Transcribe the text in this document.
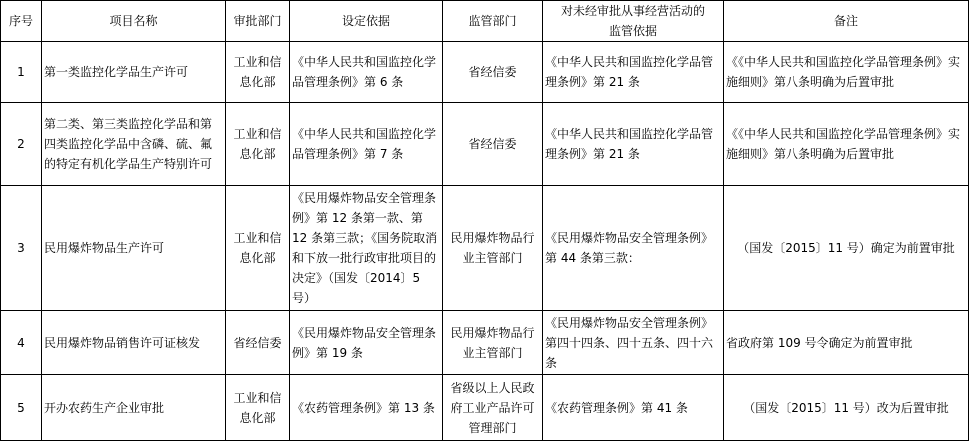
序号	项目名称	审批部门	设定依据	监管部门	对未经审批从事经营活动的监管依据	备注
1	第一类监控化学品生产许可	工业和信息化部	《中华人民共和国监控化学品管理条例》第 6 条	省经信委	《中华人民共和国监控化学品管理条例》第 21 条	《《中华人民共和国监控化学品管理条例》实施细则》第八条明确为后置审批
2	第二类、第三类监控化学品和第四类监控化学品中含磷、硫、氟的特定有机化学品生产特别许可	工业和信息化部	《中华人民共和国监控化学品管理条例》第 7 条	省经信委	《中华人民共和国监控化学品管理条例》第 21 条	《《中华人民共和国监控化学品管理条例》实施细则》第八条明确为后置审批
3	民用爆炸物品生产许可	工业和信息化部	《民用爆炸物品安全管理条例》第 12 条第一款、第 12 条第三款；《国务院取消和下放一批行政审批项目的决定》（国发〔2014〕5 号）	民用爆炸物品行业主管部门	《民用爆炸物品安全管理条例》第 44 条第三款：	（国发〔2015〕11 号）确定为前置审批
4	民用爆炸物品销售许可证核发	省经信委	《民用爆炸物品安全管理条例》第 19 条	民用爆炸物品行业主管部门	《民用爆炸物品安全管理条例》第四十四条、四十五条、四十六条	省政府第 109 号令确定为前置审批
5	开办农药生产企业审批	工业和信息化部	《农药管理条例》第 13 条	省级以上人民政府工业产品许可管理部门	《农药管理条例》第 41 条	（国发〔2015〕11 号）改为后置审批
